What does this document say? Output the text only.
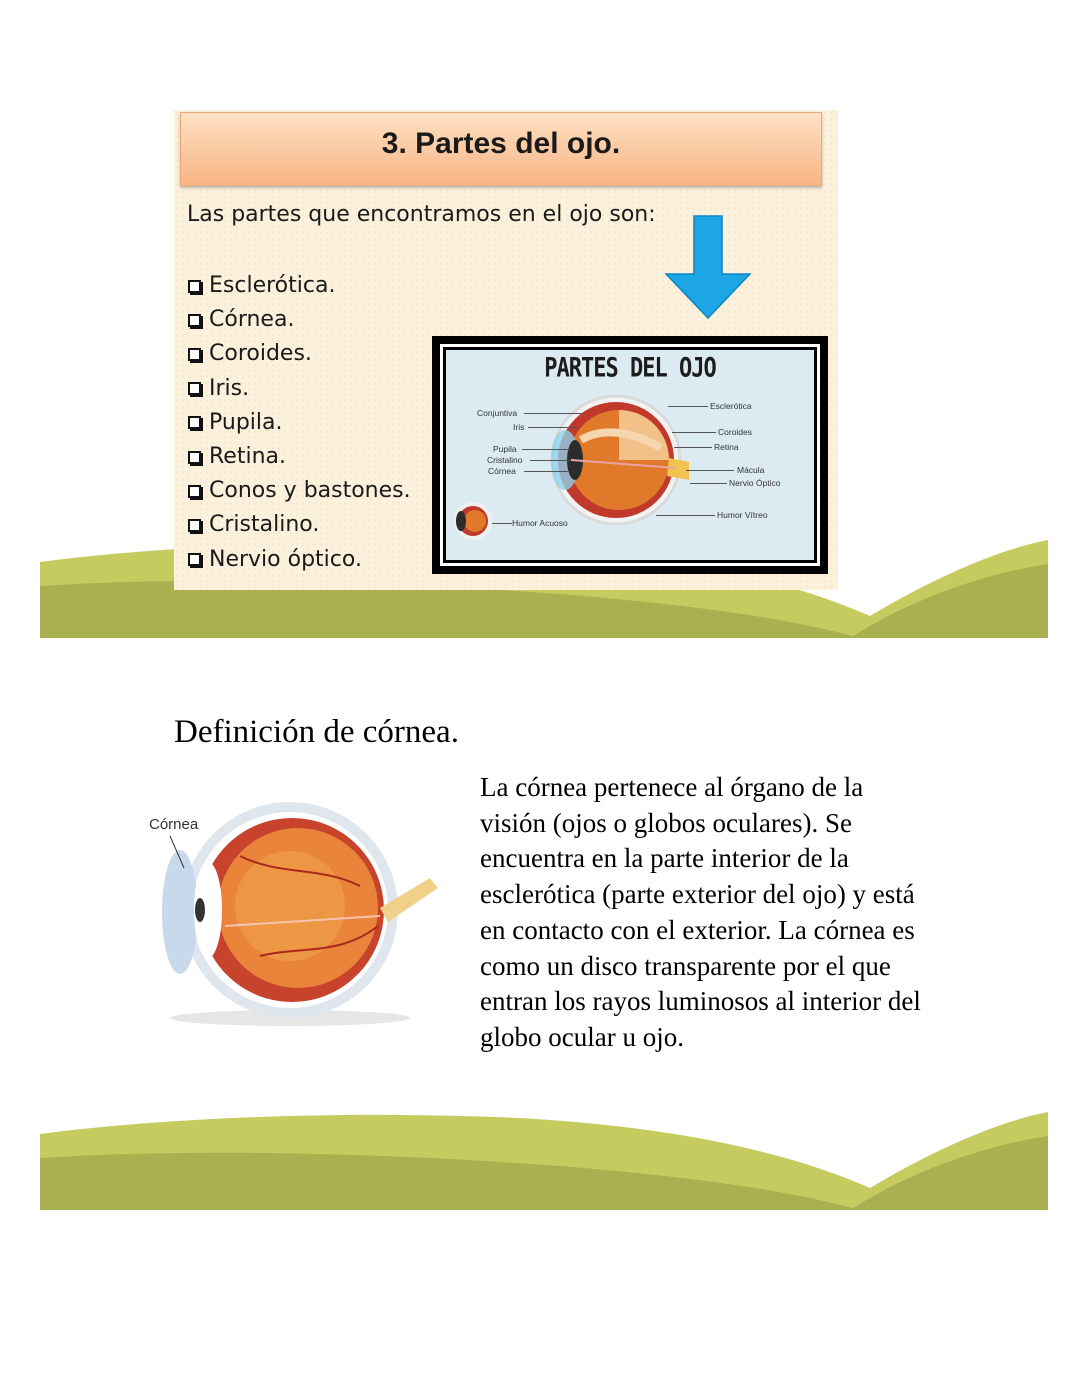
3. Partes del ojo.
Las partes que encontramos en el ojo son:
Esclerótica.
Córnea.
Coroides.
Iris.
Pupila.
Retina.
Conos y bastones.
Cristalino.
Nervio óptico.
PARTES DEL OJO
Conjuntiva
Iris
Pupila
Cristalino
Córnea
Humor Acuoso
Esclerótica
Coroides
Retina
Mácula
Nervio Óptico
Humor Vítreo
Definición de córnea.
Córnea

La córnea pertenece al órgano de la visión (ojos o globos oculares). Se encuentra en la parte interior de la esclerótica (parte exterior del ojo) y está en contacto con el exterior. La córnea es como un disco transparente por el que entran los rayos luminosos al interior del globo ocular u ojo.
